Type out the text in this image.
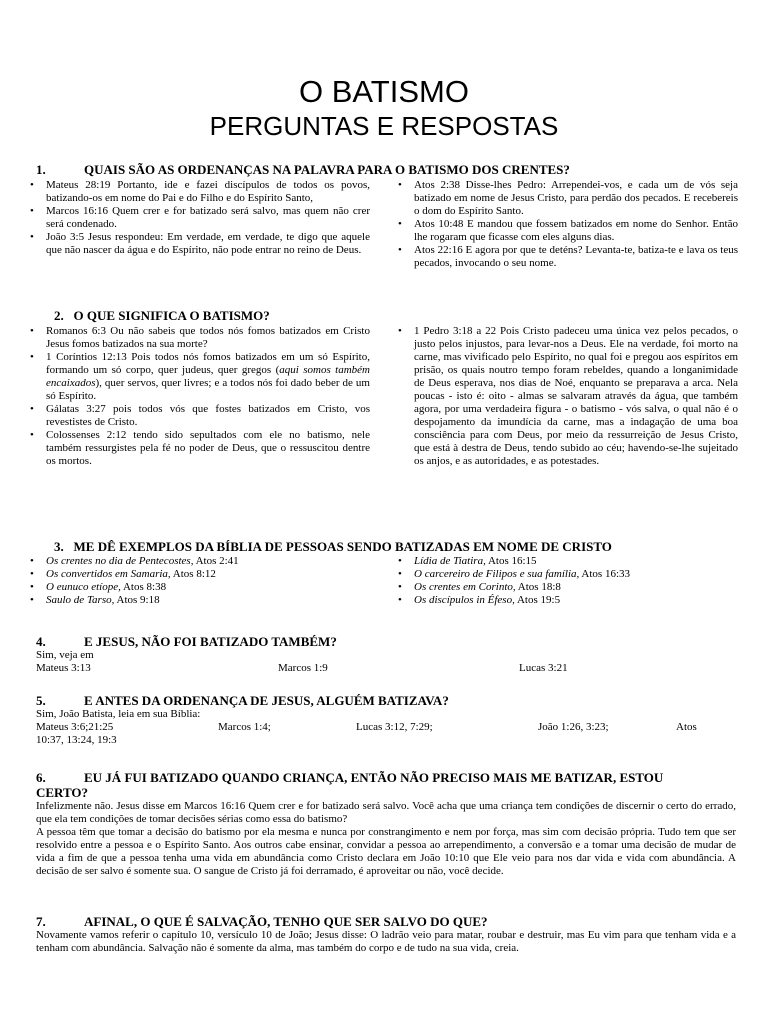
O BATISMO
PERGUNTAS E RESPOSTAS
1.	QUAIS SÃO AS ORDENANÇAS NA PALAVRA PARA O BATISMO DOS CRENTES?
• Mateus 28:19 Portanto, ide e fazei discípulos de todos os povos, batizando-os em nome do Pai e do Filho e do Espírito Santo,
• Marcos 16:16 Quem crer e for batizado será salvo, mas quem não crer será condenado.
• João 3:5 Jesus respondeu: Em verdade, em verdade, te digo que aquele que não nascer da água e do Espírito, não pode entrar no reino de Deus.
• Atos 2:38 Disse-lhes Pedro: Arrependei-vos, e cada um de vós seja batizado em nome de Jesus Cristo, para perdão dos pecados. E recebereis o dom do Espírito Santo.
• Atos 10:48 E mandou que fossem batizados em nome do Senhor. Então lhe rogaram que ficasse com eles alguns dias.
• Atos 22:16 E agora por que te deténs? Levanta-te, batiza-te e lava os teus pecados, invocando o seu nome.
2. O QUE SIGNIFICA O BATISMO?
• Romanos 6:3 Ou não sabeis que todos nós fomos batizados em Cristo Jesus fomos batizados na sua morte?
• 1 Coríntios 12:13 Pois todos nós fomos batizados em um só Espírito, formando um só corpo, quer judeus, quer gregos (aqui somos também encaixados), quer servos, quer livres; e a todos nós foi dado beber de um só Espírito.
• Gálatas 3:27 pois todos vós que fostes batizados em Cristo, vos revestistes de Cristo.
• Colossenses 2:12 tendo sido sepultados com ele no batismo, nele também ressurgistes pela fé no poder de Deus, que o ressuscitou dentre os mortos.
• 1 Pedro 3:18 a 22 Pois Cristo padeceu uma única vez pelos pecados, o justo pelos injustos, para levar-nos a Deus. Ele na verdade, foi morto na carne, mas vivificado pelo Espírito, no qual foi e pregou aos espíritos em prisão, os quais noutro tempo foram rebeldes, quando a longanimidade de Deus esperava, nos dias de Noé, enquanto se preparava a arca. Nela poucas - isto é: oito - almas se salvaram através da água, que também agora, por uma verdadeira figura - o batismo - vós salva, o qual não é o despojamento da imundícia da carne, mas a indagação de uma boa consciência para com Deus, por meio da ressurreição de Jesus Cristo, que está à destra de Deus, tendo subido ao céu; havendo-se-lhe sujeitado os anjos, e as autoridades, e as potestades.
3. ME DÊ EXEMPLOS DA BÍBLIA DE PESSOAS SENDO BATIZADAS EM NOME DE CRISTO
• Os crentes no dia de Pentecostes, Atos 2:41
• Os convertidos em Samaria, Atos 8:12
• O eunuco etíope, Atos 8:38
• Saulo de Tarso, Atos 9:18
• Lídia de Tiatira, Atos 16:15
• O carcereiro de Filipos e sua família, Atos 16:33
• Os crentes em Corinto, Atos 18:8
• Os discípulos in Éfeso, Atos 19:5
4.	E JESUS, NÃO FOI BATIZADO TAMBÉM?

Sim, veja em

Mateus 3:13	Marcos 1:9	Lucas 3:21
5.	E ANTES DA ORDENANÇA DE JESUS, ALGUÉM BATIZAVA?

Sim, João Batista, leia em sua Bíblia:

Mateus 3:6;21:25	Marcos 1:4;	Lucas 3:12, 7:29;	João 1:26, 3:23;	Atos

10:37, 13:24, 19:3

6.	EU JÁ FUI BATIZADO QUANDO CRIANÇA, ENTÃO NÃO PRECISO MAIS ME BATIZAR, ESTOU
CERTO?

Infelizmente não. Jesus disse em Marcos 16:16 Quem crer e for batizado será salvo. Você acha que uma criança tem condições de discernir o certo do errado, que ela tem condições de tomar decisões sérias como essa do batismo?

A pessoa têm que tomar a decisão do batismo por ela mesma e nunca por constrangimento e nem por força, mas sim com decisão própria. Tudo tem que ser resolvido entre a pessoa e o Espírito Santo. Aos outros cabe ensinar, convidar a pessoa ao arrependimento, a conversão e a tomar uma decisão de mudar de vida a fim de que a pessoa tenha uma vida em abundância como Cristo declara em João 10:10 que Ele veio para nos dar vida e vida com abundância. A decisão de ser salvo é somente sua. O sangue de Cristo já foi derramado, é aproveitar ou não, você decide.

7.	AFINAL, O QUE É SALVAÇÃO, TENHO QUE SER SALVO DO QUE?

Novamente vamos referir o capítulo 10, versículo 10 de João; Jesus disse: O ladrão veio para matar, roubar e destruir, mas Eu vim para que tenham vida e a tenham com abundância. Salvação não é somente da alma, mas também do corpo e de tudo na sua vida, creia.
